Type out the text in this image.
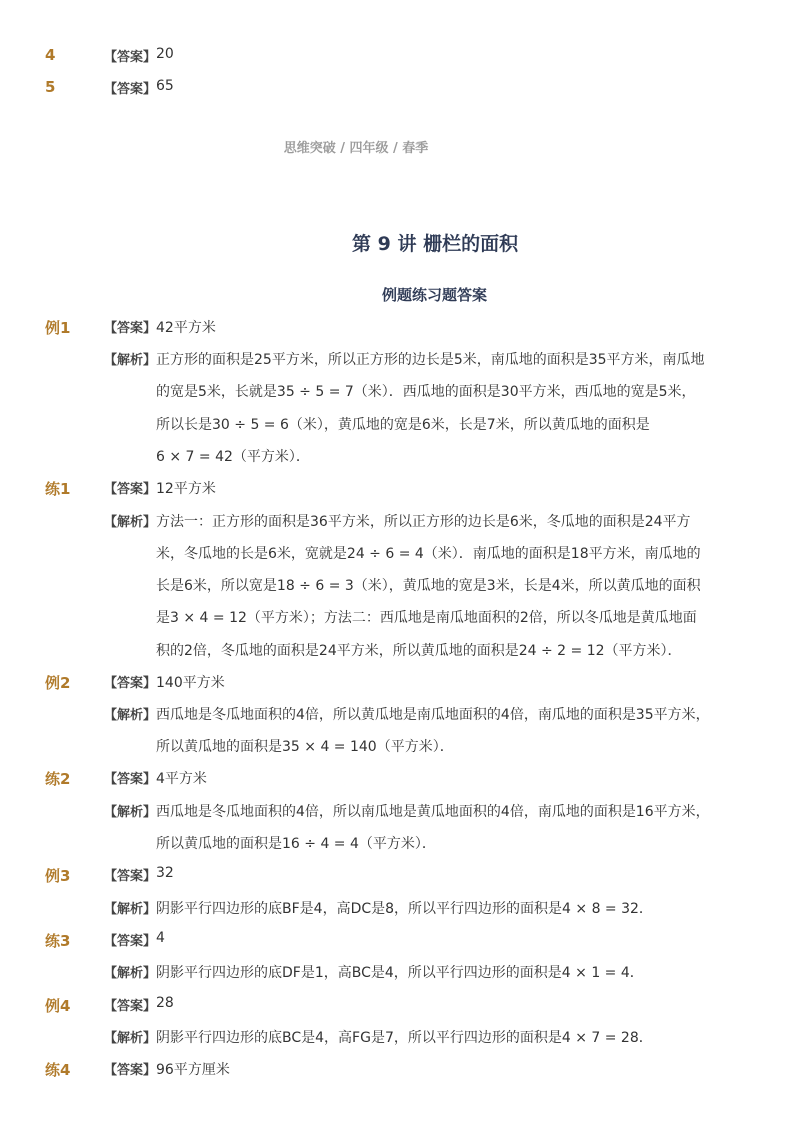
4	【答案】 20
5	【答案】 65
思维突破 / 四年级 / 春季
第 9 讲 栅栏的面积
例题练习题答案
例1	【答案】 42平方米
【解析】 正方形的面积是25平方米，所以正方形的边长是5米，南瓜地的面积是35平方米，南瓜地
的宽是5米，长就是35 ÷ 5 = 7（米）．西瓜地的面积是30平方米，西瓜地的宽是5米，
所以长是30 ÷ 5 = 6（米），黄瓜地的宽是6米，长是7米，所以黄瓜地的面积是
6 × 7 = 42（平方米）．
练1	【答案】 12平方米
【解析】 方法一：正方形的面积是36平方米，所以正方形的边长是6米，冬瓜地的面积是24平方
米，冬瓜地的长是6米，宽就是24 ÷ 6 = 4（米）．南瓜地的面积是18平方米，南瓜地的
长是6米，所以宽是18 ÷ 6 = 3（米），黄瓜地的宽是3米，长是4米，所以黄瓜地的面积
是3 × 4 = 12（平方米）；方法二：西瓜地是南瓜地面积的2倍，所以冬瓜地是黄瓜地面
积的2倍，冬瓜地的面积是24平方米，所以黄瓜地的面积是24 ÷ 2 = 12（平方米）．
例2	【答案】 140平方米
【解析】 西瓜地是冬瓜地面积的4倍，所以黄瓜地是南瓜地面积的4倍，南瓜地的面积是35平方米，
所以黄瓜地的面积是35 × 4 = 140（平方米）．
练2	【答案】 4平方米
【解析】 西瓜地是冬瓜地面积的4倍，所以南瓜地是黄瓜地面积的4倍，南瓜地的面积是16平方米，
所以黄瓜地的面积是16 ÷ 4 = 4（平方米）．
例3	【答案】 32
【解析】 阴影平行四边形的底BF是4，高DC是8，所以平行四边形的面积是4 × 8 = 32．
练3	【答案】 4
【解析】 阴影平行四边形的底DF是1，高BC是4，所以平行四边形的面积是4 × 1 = 4．
例4	【答案】 28
【解析】 阴影平行四边形的底BC是4，高FG是7，所以平行四边形的面积是4 × 7 = 28．
练4	【答案】 96平方厘米
